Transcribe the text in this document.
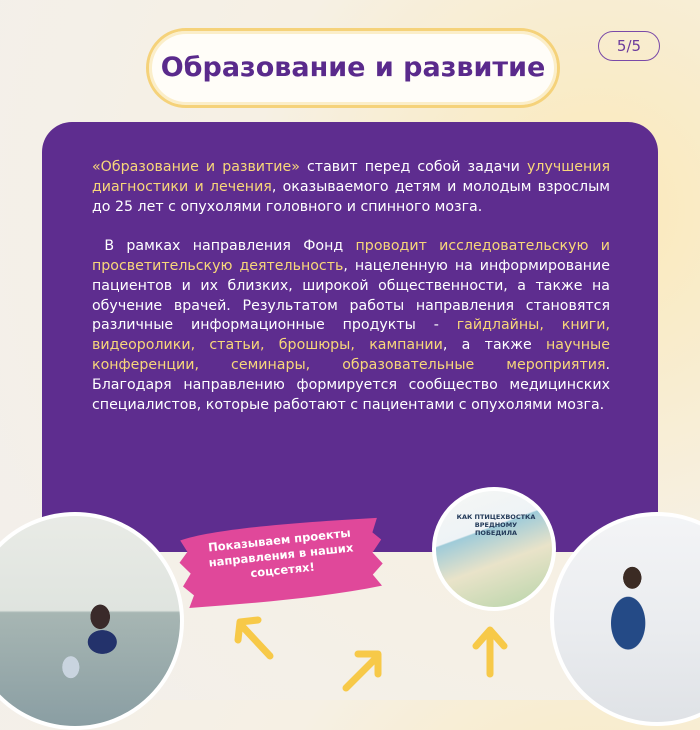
Образование и развитие
5/5

«Образование и развитие» ставит перед собой задачи улучшения диагностики и лечения, оказываемого детям и молодым взрослым до 25 лет с опухолями головного и спинного мозга.

В рамках направления Фонд проводит исследовательскую и просветительскую деятельность, нацеленную на информирование пациентов и их близких, широкой общественности, а также на обучение врачей. Результатом работы направления становятся различные информационные продукты - гайдлайны, книги, видеоролики, статьи, брошюры, кампании, а также научные конференции, семинары, образовательные мероприятия. Благодаря направлению формируется сообщество медицинских специалистов, которые работают с пациентами с опухолями мозга.

КАК ПТИЦЕХВОСТКА ВРЕДНОМУ ПОБЕДИЛА
Показываем проекты направления в наших соцсетях!
